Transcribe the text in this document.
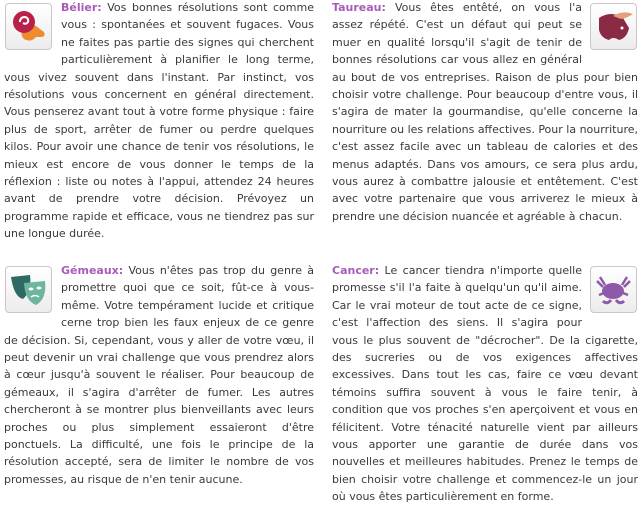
Bélier: Vos bonnes résolutions sont comme vous : spontanées et souvent fugaces. Vous ne faites pas partie des signes qui cherchent particulièrement à planifier le long terme, vous vivez souvent dans l'instant. Par instinct, vos résolutions vous concernent en général directement. Vous penserez avant tout à votre forme physique : faire plus de sport, arrêter de fumer ou perdre quelques kilos. Pour avoir une chance de tenir vos résolutions, le mieux est encore de vous donner le temps de la réflexion : liste ou notes à l'appui, attendez 24 heures avant de prendre votre décision. Prévoyez un programme rapide et efficace, vous ne tiendrez pas sur une longue durée.
Taureau: Vous êtes entêté, on vous l'a assez répété. C'est un défaut qui peut se muer en qualité lorsqu'il s'agit de tenir de bonnes résolutions car vous allez en général au bout de vos entreprises. Raison de plus pour bien choisir votre challenge. Pour beaucoup d'entre vous, il s'agira de mater la gourmandise, qu'elle concerne la nourriture ou les relations affectives. Pour la nourriture, c'est assez facile avec un tableau de calories et des menus adaptés. Dans vos amours, ce sera plus ardu, vous aurez à combattre jalousie et entêtement. C'est avec votre partenaire que vous arriverez le mieux à prendre une décision nuancée et agréable à chacun.
Gémeaux: Vous n'êtes pas trop du genre à promettre quoi que ce soit, fût-ce à vous-même. Votre tempérament lucide et critique cerne trop bien les faux enjeux de ce genre de décision. Si, cependant, vous y aller de votre vœu, il peut devenir un vrai challenge que vous prendrez alors à cœur jusqu'à souvent le réaliser. Pour beaucoup de gémeaux, il s'agira d'arrêter de fumer. Les autres chercheront à se montrer plus bienveillants avec leurs proches ou plus simplement essaieront d'être ponctuels. La difficulté, une fois le principe de la résolution accepté, sera de limiter le nombre de vos promesses, au risque de n'en tenir aucune.
Cancer: Le cancer tiendra n'importe quelle promesse s'il l'a faite à quelqu'un qu'il aime. Car le vrai moteur de tout acte de ce signe, c'est l'affection des siens. Il s'agira pour vous le plus souvent de "décrocher". De la cigarette, des sucreries ou de vos exigences affectives excessives. Dans tout les cas, faire ce vœu devant témoins suffira souvent à vous le faire tenir, à condition que vos proches s'en aperçoivent et vous en félicitent. Votre ténacité naturelle vient par ailleurs vous apporter une garantie de durée dans vos nouvelles et meilleures habitudes. Prenez le temps de bien choisir votre challenge et commencez-le un jour où vous êtes particulièrement en forme.
